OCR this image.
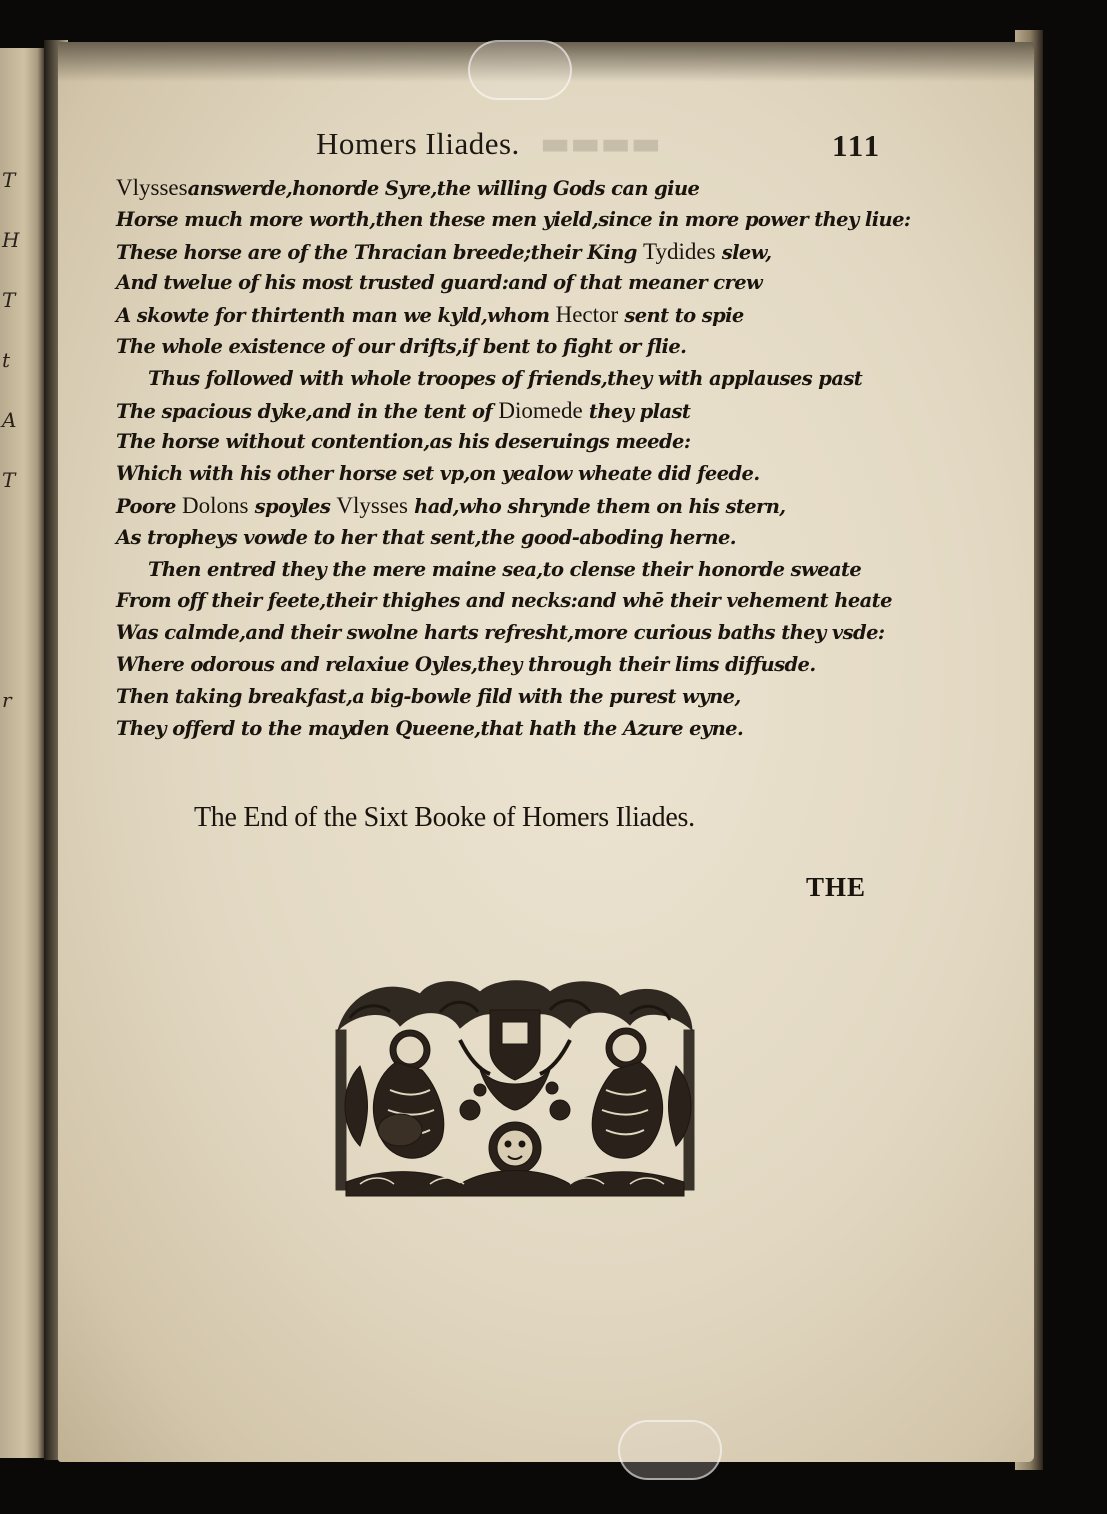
T
H
T
t
A
T
r
▬▬▬▬
Homers Iliades.	111
Vlyssesanswerde,honorde Syre,the willing Gods can giue
Horse much more worth,then these men yield,since in more power they liue:
These horse are of the Thracian breede;their King Tydides slew,
And twelue of his most trusted guard:and of that meaner crew
A skowte for thirtenth man we kyld,whom Hector sent to spie
The whole existence of our drifts,if bent to fight or flie.
Thus followed with whole troopes of friends,they with applauses past
The spacious dyke,and in the tent of Diomede they plast
The horse without contention,as his deseruings meede:
Which with his other horse set vp,on yealow wheate did feede.
Poore Dolons spoyles Vlysses had,who shrynde them on his stern,
As tropheys vowde to her that sent,the good-aboding herne.
Then entred they the mere maine sea,to clense their honorde sweate
From off their feete,their thighes and necks:and whē their vehement heate
Was calmde,and their swolne harts refresht,more curious baths they vsde:
Where odorous and relaxiue Oyles,they through their lims diffusde.
Then taking breakfast,a big-bowle fild with the purest wyne,
They offerd to the mayden Queene,that hath the Azure eyne.
The End of the Sixt Booke of Homers Iliades.
THE
